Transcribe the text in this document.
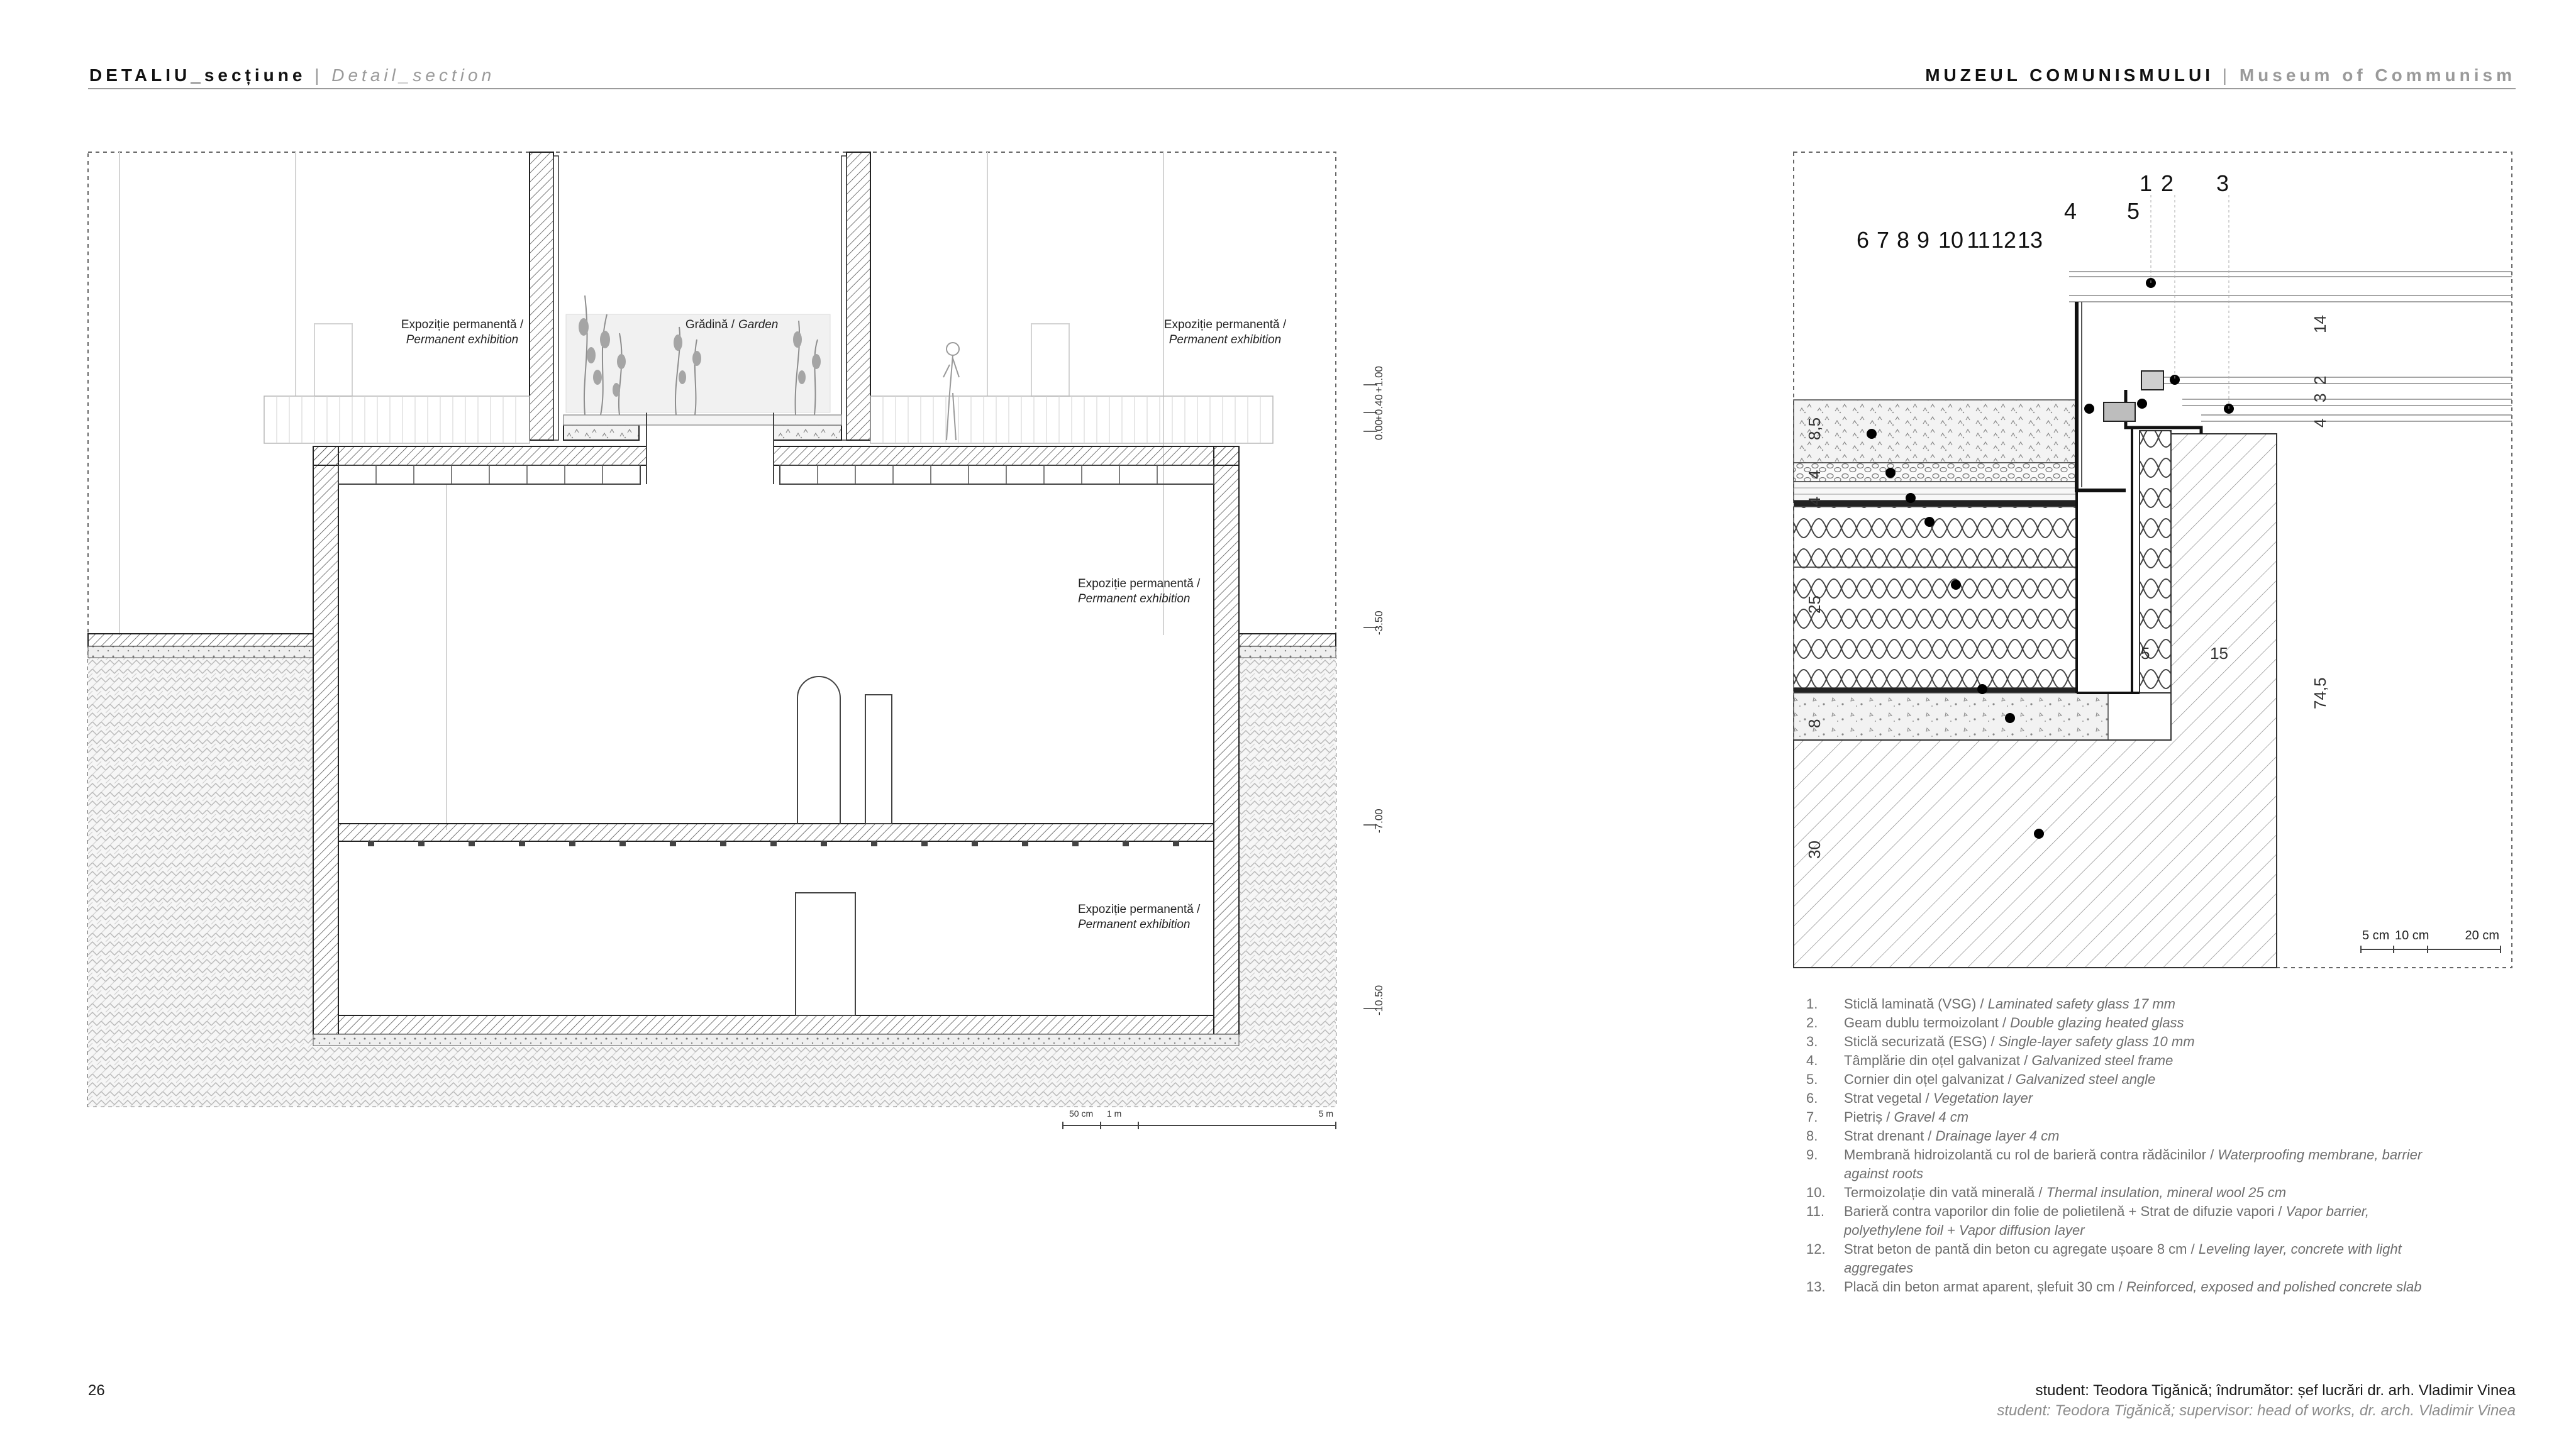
DETALIU_secțiune | Detail_section	MUZEUL COMUNISMULUI | Museum of Communism
Expoziție permanentă /
Permanent exhibition
Grădină / Garden	Expoziție permanentă /
Permanent exhibition
Expoziție permanentă /
Permanent exhibition
Expoziție permanentă /
Permanent exhibition
+1.00
+0.40
0.00
-3.50
-7.00
-10.50
50 cm 1 m	5 m
1 2 3
4 5
6 7 8 9 10 11 12 13
14
2
3
4
8,5
4
4
25
74,5
8
30
5	15
5 cm 10 cm	20 cm
1.	Sticlă laminată (VSG) / Laminated safety glass 17 mm
2.	Geam dublu termoizolant / Double glazing heated glass
3.	Sticlă securizată (ESG) / Single-layer safety glass 10 mm
4.	Tâmplărie din oțel galvanizat / Galvanized steel frame
5.	Cornier din oțel galvanizat / Galvanized steel angle
6.	Strat vegetal / Vegetation layer
7.	Pietriș / Gravel 4 cm
8.	Strat drenant / Drainage layer 4 cm
9.	Membrană hidroizolantă cu rol de barieră contra rădăcinilor / Waterproofing membrane, barrier against roots
10.	Termoizolație din vată minerală / Thermal insulation, mineral wool 25 cm
11.	Barieră contra vaporilor din folie de polietilenă + Strat de difuzie vapori / Vapor barrier, polyethylene foil + Vapor diffusion layer
12.	Strat beton de pantă din beton cu agregate ușoare 8 cm / Leveling layer, concrete with light aggregates
13.	Placă din beton armat aparent, șlefuit 30 cm / Reinforced, exposed and polished concrete slab
26	student: Teodora Tigănică; îndrumător: șef lucrări dr. arh. Vladimir Vinea
student: Teodora Tigănică; supervisor: head of works, dr. arch. Vladimir Vinea
